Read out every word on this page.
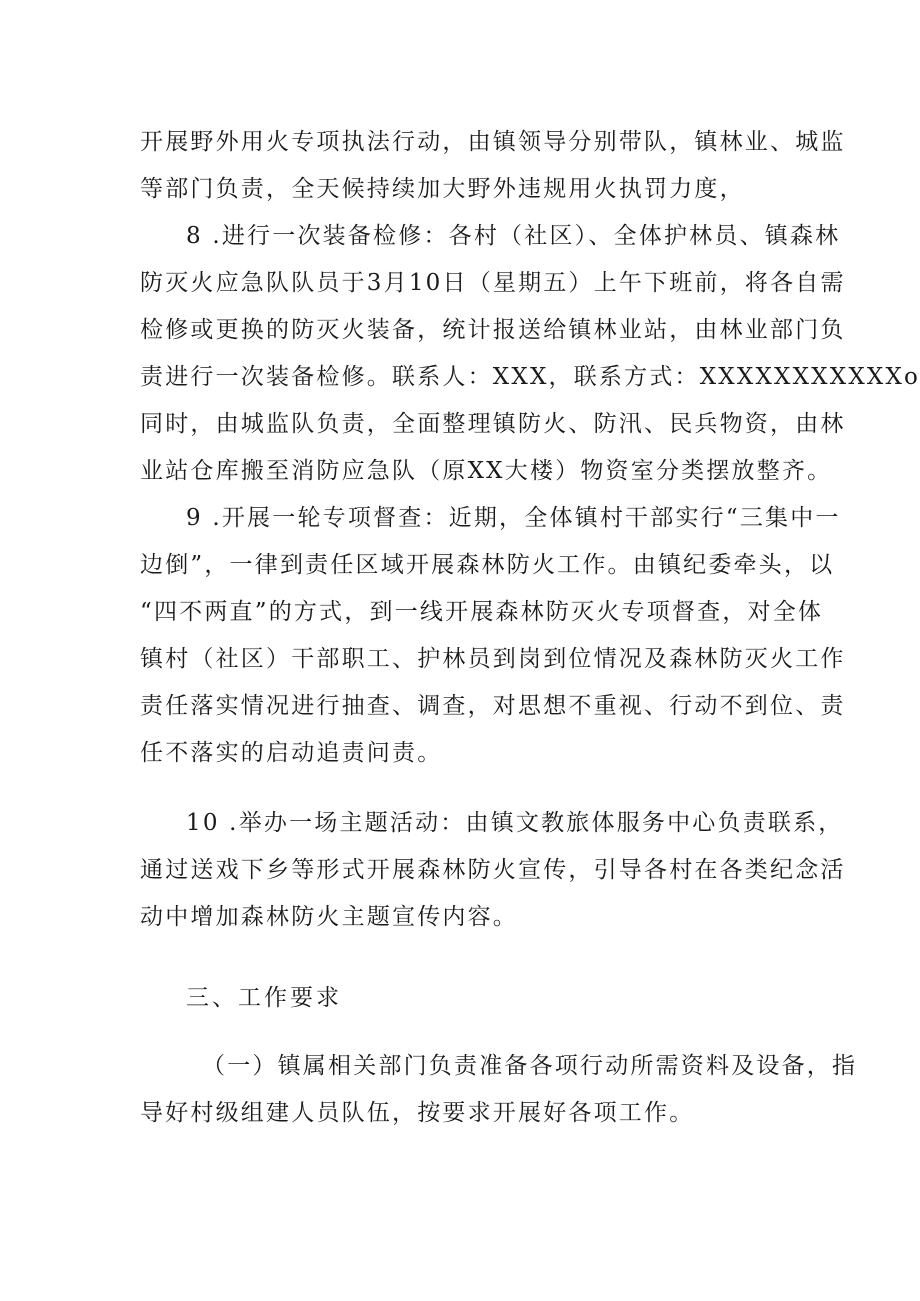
开展野外用火专项执法行动，由镇领导分别带队，镇林业、城监
等部门负责，全天候持续加大野外违规用火执罚力度，
8 .进行一次装备检修：各村（社区）、全体护林员、镇森林
防灭火应急队队员于3月10日（星期五）上午下班前，将各自需
检修或更换的防灭火装备，统计报送给镇林业站，由林业部门负
责进行一次装备检修。联系人：XXX，联系方式：XXXXXXXXXXXo
同时，由城监队负责，全面整理镇防火、防汛、民兵物资，由林
业站仓库搬至消防应急队（原XX大楼）物资室分类摆放整齐。
9 .开展一轮专项督查：近期，全体镇村干部实行“三集中一
边倒”，一律到责任区域开展森林防火工作。由镇纪委牵头，以
“四不两直”的方式，到一线开展森林防灭火专项督查，对全体
镇村（社区）干部职工、护林员到岗到位情况及森林防灭火工作
责任落实情况进行抽查、调查，对思想不重视、行动不到位、责
任不落实的启动追责问责。
10 .举办一场主题活动：由镇文教旅体服务中心负责联系，
通过送戏下乡等形式开展森林防火宣传，引导各村在各类纪念活
动中增加森林防火主题宣传内容。
三、工作要求
（一）镇属相关部门负责准备各项行动所需资料及设备，指
导好村级组建人员队伍，按要求开展好各项工作。
